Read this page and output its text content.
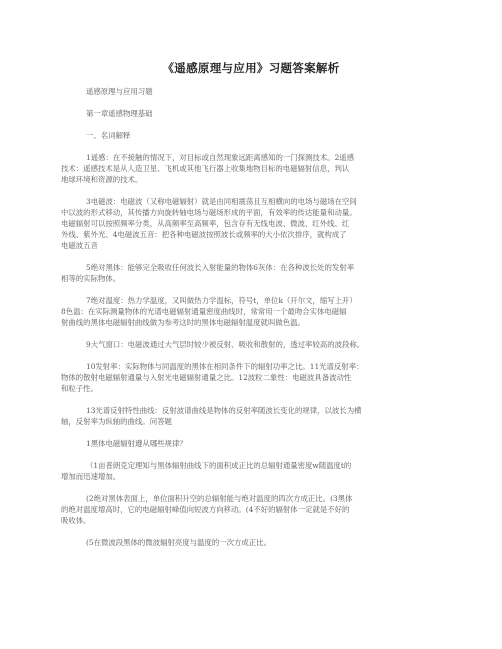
《遥感原理与应用》习题答案解析
遥感原理与应用习题
第一章遥感物理基础
一、名词解释
1遥感：在不接触的情况下，对目标或自然现象远距离感知的一门探测技术。2遥感
技术：遥感技术是从人造卫星、飞机或其他飞行器上收集地物目标的电磁辐射信息，判认
地球环境和资源的技术。
3电磁波：电磁波（又称电磁辐射）就是由同相震荡且互相横向的电场与磁场在空间
中以波的形式移动，其传播方向旋转轴电场与磁场形成的平面，有效率的传达能量和动量。
电磁辐射可以按照频率分类，从高频率至高频率，包含存有无线电波、微波、红外线、红
外线、紫外光、4电磁波五音：把各种电磁波按照波长或频率的大小依次排序，就构成了
电磁波五音
5绝对黑体：能够完全吸收任何波长入射能量的物体6灰体：在各种波长处的发射率
相等的实际物体。
7绝对温度：热力学温度，又叫做热力学温标，符号t，单位k（开尔文，缩写上开）
8色温：在实际测量物体的光谱电磁辐射通量密度曲线时，常常用一个最吻合实体电磁辐
射曲线的黑体电磁辐射曲线做为参考这时的黑体电磁辐射温度就叫做色温。
9大气窗口：电磁波通过大气层时较少被反射、吸收和散射的，透过率较高的波段称。
10发射率：实际物体与同温度的黑体在相同条件下的辐射功率之比。11光谱反射率：
物体的散射电磁辐射通量与入射光电磁辐射通量之比。12波粒二象性：电磁波具备波动性
和粒子性。
13光谱反射特性曲线：反射波谱曲线是物体的反射率随波长变化的规律，以波长为横
轴，反射率为纵轴的曲线。问答题
1黑体电磁辐射遵从哪些规律？
（1亩普朗克定理知与黑体辐射曲线下的面积成正比的总辐射通量密度w随温度t的
增加而迅速增加。
(2绝对黑体表面上，单位面积升空的总辐射能与绝对温度的四次方成正比。(3黑体
的绝对温度增高时，它的电磁辐射峰值向短波方向移动。(4不好的辐射体一定就是不好的
吸收体。
(5在微波段黑体的微波辐射亮度与温度的一次方成正比。
